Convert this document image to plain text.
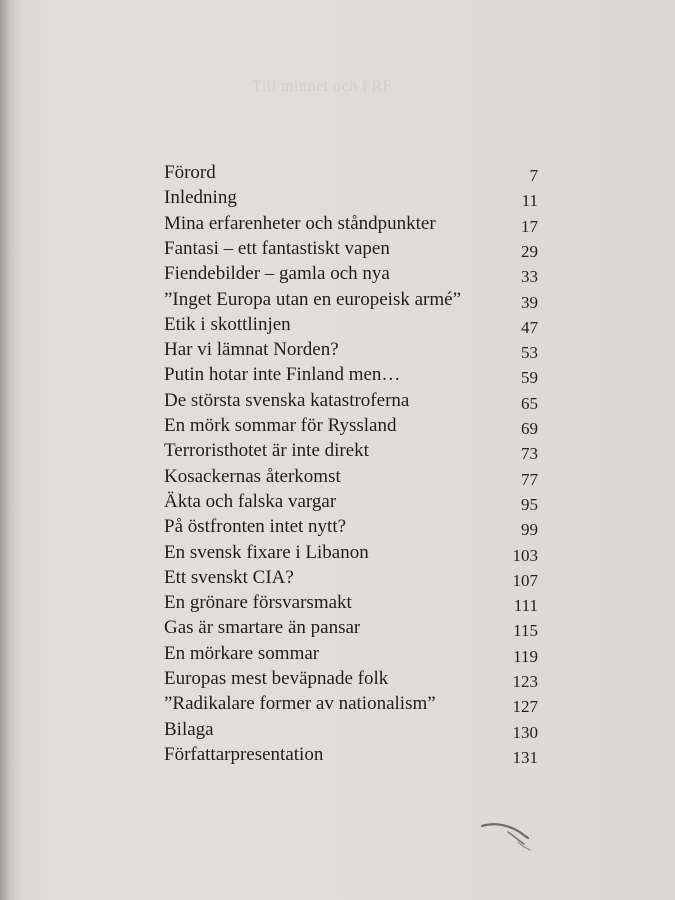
Till minnet och FRF
Förord	7
Inledning	11
Mina erfarenheter och ståndpunkter	17
Fantasi – ett fantastiskt vapen	29
Fiendebilder – gamla och nya	33
”Inget Europa utan en europeisk armé”	39
Etik i skottlinjen	47
Har vi lämnat Norden?	53
Putin hotar inte Finland men…	59
De största svenska katastroferna	65
En mörk sommar för Ryssland	69
Terroristhotet är inte direkt	73
Kosackernas återkomst	77
Äkta och falska vargar	95
På östfronten intet nytt?	99
En svensk fixare i Libanon	103
Ett svenskt CIA?	107
En grönare försvarsmakt	111
Gas är smartare än pansar	115
En mörkare sommar	119
Europas mest beväpnade folk	123
”Radikalare former av nationalism”	127
Bilaga	130
Författarpresentation	131
